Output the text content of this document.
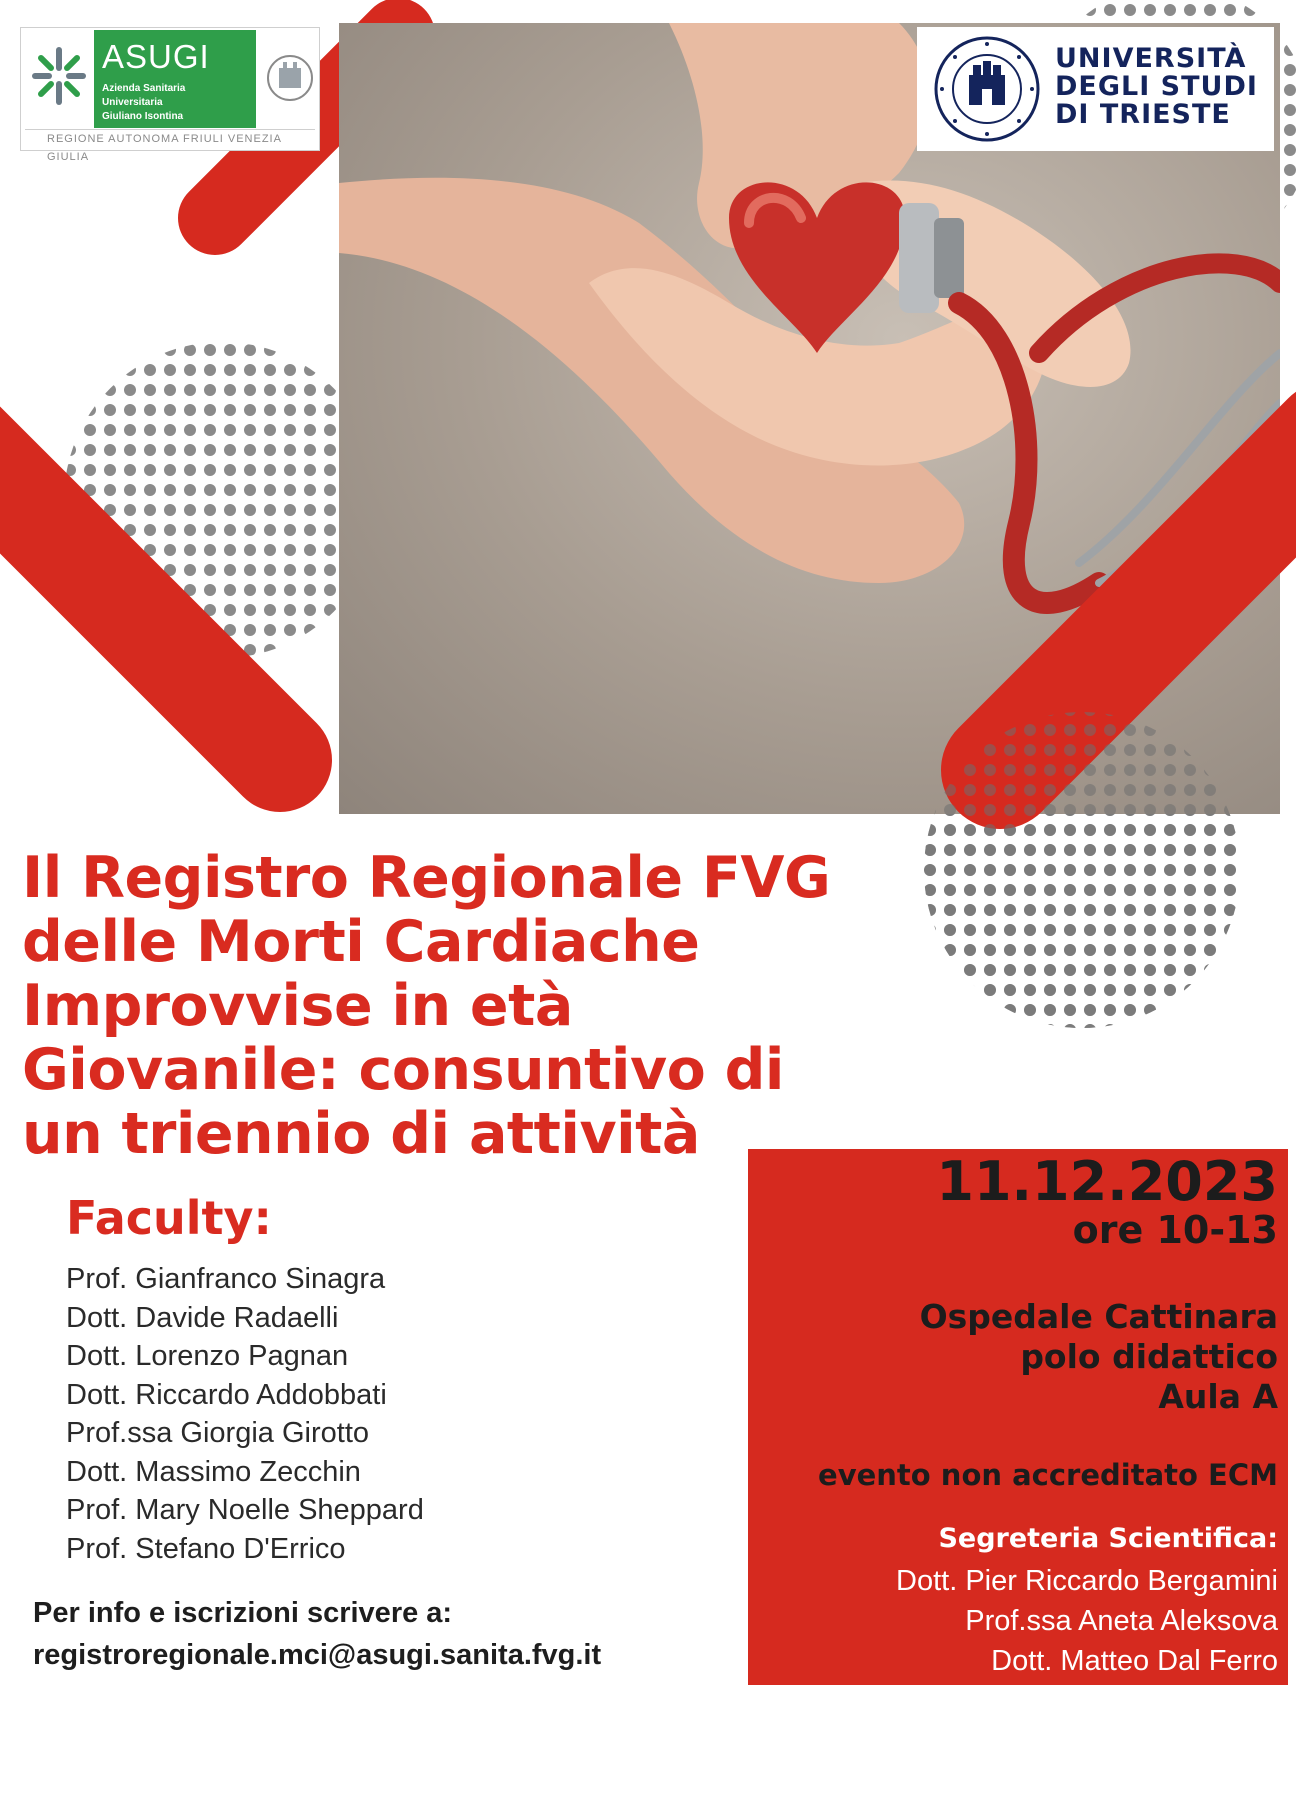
ASUGI
Azienda Sanitaria Universitaria
Giuliano Isontina
REGIONE AUTONOMA FRIULI VENEZIA GIULIA
UNIVERSITÀ
DEGLI STUDI
DI TRIESTE
Il Registro Regionale FVG
delle Morti Cardiache
Improvvise in età
Giovanile: consuntivo di
un triennio di attività
Faculty:
Prof. Gianfranco Sinagra
Dott. Davide Radaelli
Dott. Lorenzo Pagnan
Dott. Riccardo Addobbati
Prof.ssa Giorgia Girotto
Dott. Massimo Zecchin
Prof. Mary Noelle Sheppard
Prof. Stefano D'Errico
Per info e iscrizioni scrivere a:
registroregionale.mci@asugi.sanita.fvg.it
11.12.2023
ore 10-13
Ospedale Cattinara
polo didattico
Aula A
evento non accreditato ECM
Segreteria Scientifica:
Dott. Pier Riccardo Bergamini
Prof.ssa Aneta Aleksova
Dott. Matteo Dal Ferro
